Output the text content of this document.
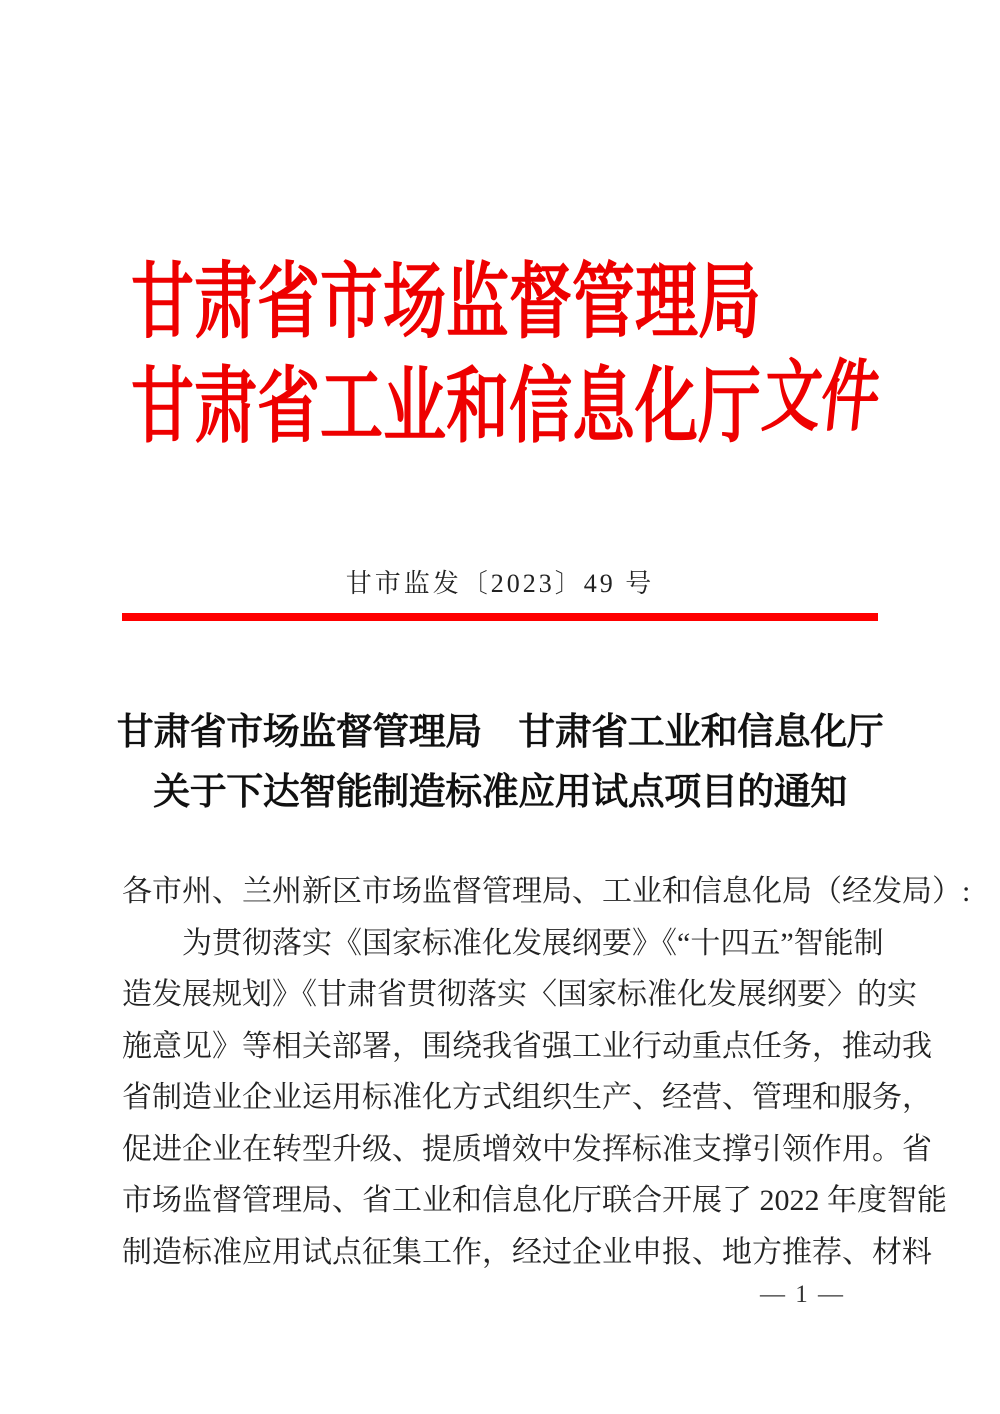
甘肃省市场监督管理局
甘肃省工业和信息化厅
文件
甘市监发〔2023〕49 号
甘肃省市场监督管理局　甘肃省工业和信息化厅
关于下达智能制造标准应用试点项目的通知
各市州、兰州新区市场监督管理局、工业和信息化局（经发局）:
为贯彻落实《国家标准化发展纲要》《“十四五”智能制
造发展规划》《甘肃省贯彻落实〈国家标准化发展纲要〉的实
施意见》等相关部署，围绕我省强工业行动重点任务，推动我
省制造业企业运用标准化方式组织生产、经营、管理和服务，
促进企业在转型升级、提质增效中发挥标准支撑引领作用。省
市场监督管理局、省工业和信息化厅联合开展了 2022 年度智能
制造标准应用试点征集工作，经过企业申报、地方推荐、材料
— 1 —
